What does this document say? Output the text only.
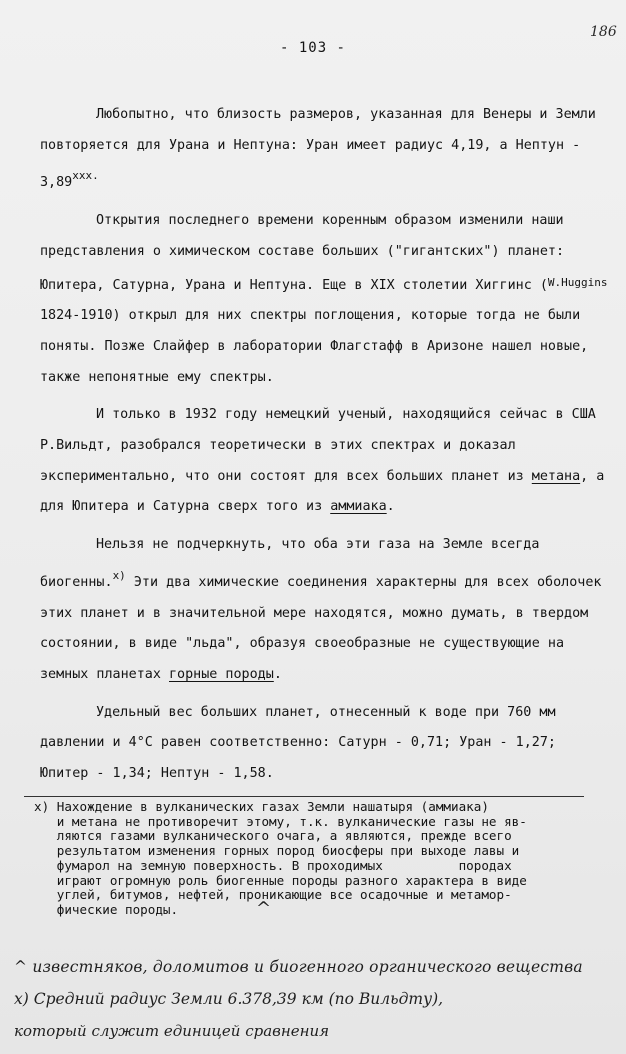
- 103 -
186

Любопытно, что близость размеров, указанная для Венеры и Земли повторяется для Урана и Нептуна: Уран имеет радиус 4,19, а Нептун - $3,89^{xxx.}$

Открытия последнего времени коренным образом изменили наши представления о химическом составе больших ("гигантских") планет: Юпитера, Сатурна, Урана и Нептуна. Еще в XIX столетии Хиггинс ($^{W.Huggins}$        1824-1910) открыл для них спектры поглощения, которые тогда не были поняты. Позже Слайфер в лаборатории Флагстафф в Аризоне нашел новые, также непонятные ему спектры.

И только в 1932 году немецкий ученый, находящийся сейчас в США Р.Вильдт, разобрался теоретически в этих спектрах и доказал экспериментально, что они состоят для всех больших планет из метана, а для Юпитера и Сатурна сверх того из аммиака.

Нельзя не подчеркнуть, что оба эти газа на Земле всегда биогенны.$^{x)}$ Эти два химические соединения характерны для всех оболочек этих планет и в значительной мере находятся, можно думать, в твердом состоянии, в виде "льда", образуя своеобразные не существующие на земных планетах горные породы.

Удельный вес больших планет, отнесенный к воде при 760 мм давлении и 4°С равен соответственно: Сатурн - 0,71; Уран - 1,27; Юпитер - 1,34; Нептун - 1,58.

x) Нахождение в вулканических газах Земли нашатыря (аммиака)
и метана не противоречит этому, т.к. вулканические газы не яв-
ляются газами вулканического очага, а являются, прежде всего
результатом изменения горных пород биосферы при выходе лавы и
фумарол на земную поверхность. В проходимых          породах
играют огромную роль биогенные породы разного характера в виде
углей, битумов, нефтей, проникающие все осадочные и метамор-
фические породы.	^
^ известняков, доломитов и биогенного органического вещества
x) Средний радиус Земли 6.378,39 км (по Вильдту),
который служит единицей сравнения
